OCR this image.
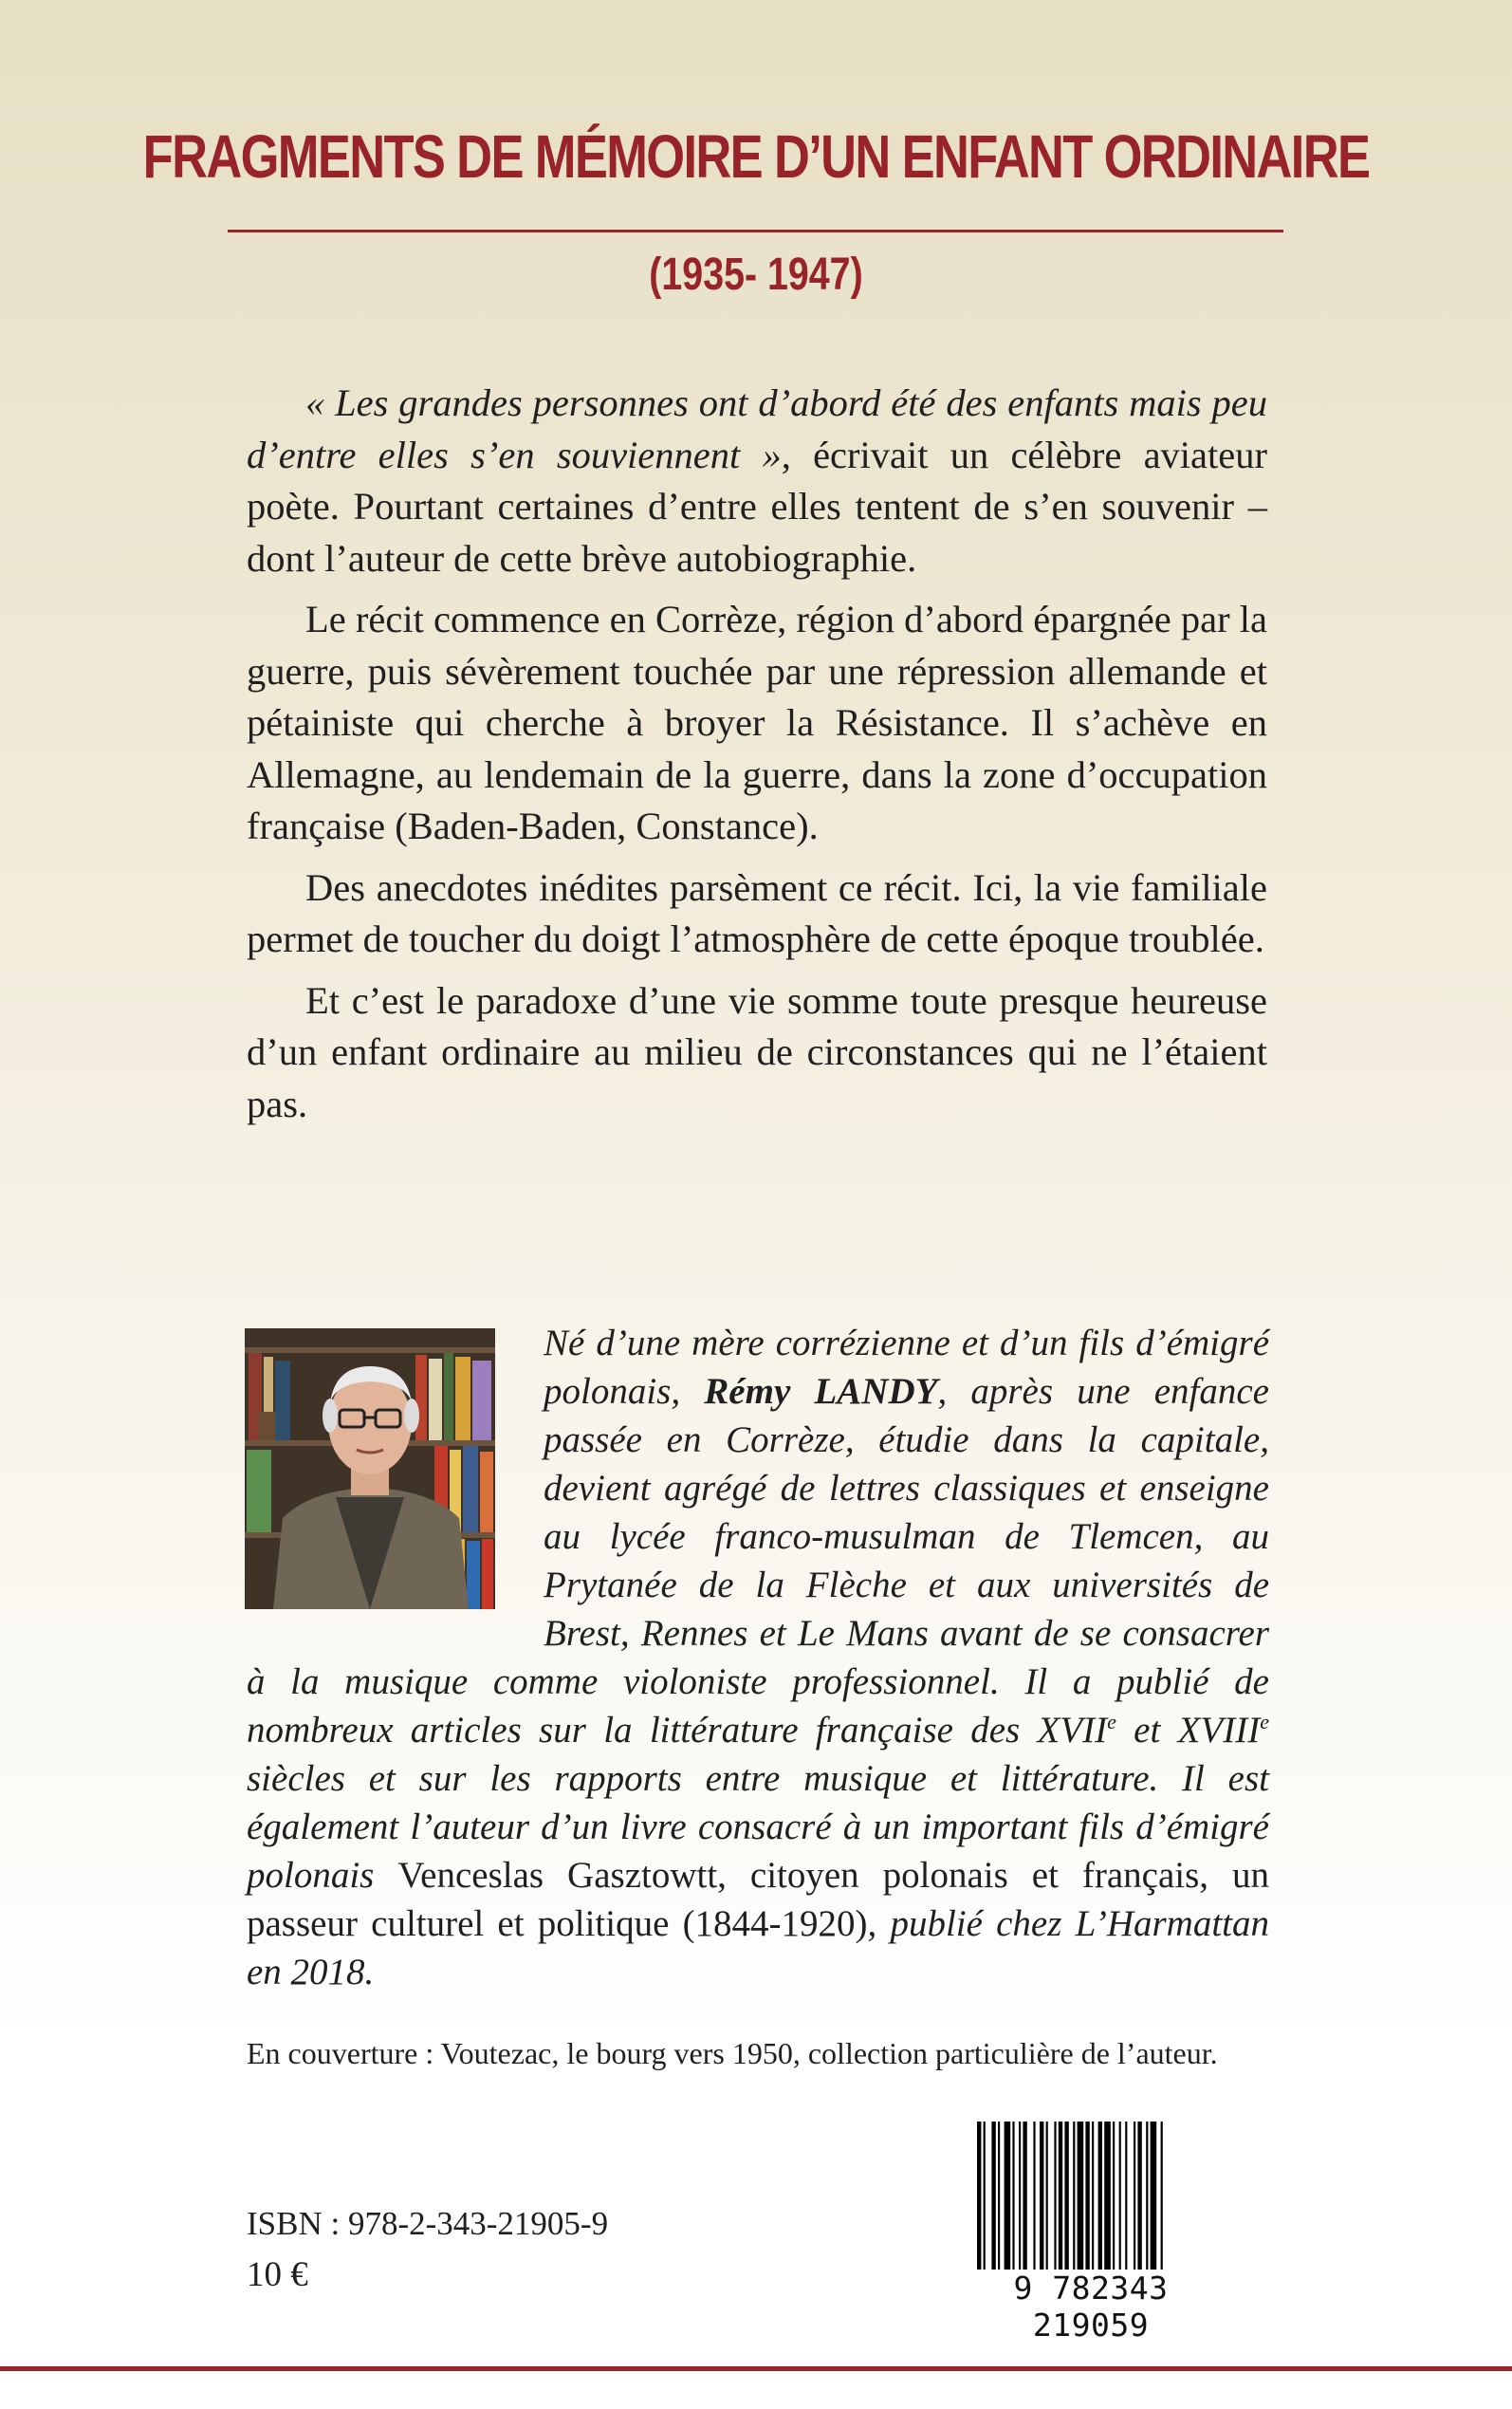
FRAGMENTS DE MÉMOIRE D’UN ENFANT ORDINAIRE
(1935- 1947)

« Les grandes personnes ont d’abord été des enfants mais peu d’entre elles s’en souviennent », écrivait un célèbre aviateur poète. Pourtant certaines d’entre elles tentent de s’en souvenir – dont l’auteur de cette brève autobiographie.

Le récit commence en Corrèze, région d’abord épargnée par la guerre, puis sévèrement touchée par une répression allemande et pétainiste qui cherche à broyer la Résistance. Il s’achève en Allemagne, au lendemain de la guerre, dans la zone d’occupation française (Baden-Baden, Constance).

Des anecdotes inédites parsèment ce récit. Ici, la vie familiale permet de toucher du doigt l’atmosphère de cette époque troublée.

Et c’est le paradoxe d’une vie somme toute presque heureuse d’un enfant ordinaire au milieu de circonstances qui ne l’étaient pas.

Né d’une mère corrézienne et d’un fils d’émigré polonais, Rémy LANDY, après une enfance passée en Corrèze, étudie dans la capitale, devient agrégé de lettres classiques et enseigne au lycée franco-musulman de Tlemcen, au Prytanée de la Flèche et aux universités de Brest, Rennes et Le Mans avant de se consacrer à la musique comme violoniste professionnel. Il a publié de nombreux articles sur la littérature française des XVIIe et XVIIIe siècles et sur les rapports entre musique et littérature. Il est également l’auteur d’un livre consacré à un important fils d’émigré polonais Venceslas Gasztowtt, citoyen polonais et français, un passeur culturel et politique (1844-1920), publié chez L’Harmattan en 2018.
En couverture : Voutezac, le bourg vers 1950, collection particulière de l’auteur.
ISBN : 978-2-343-21905-9
10 €	9 782343 219059
